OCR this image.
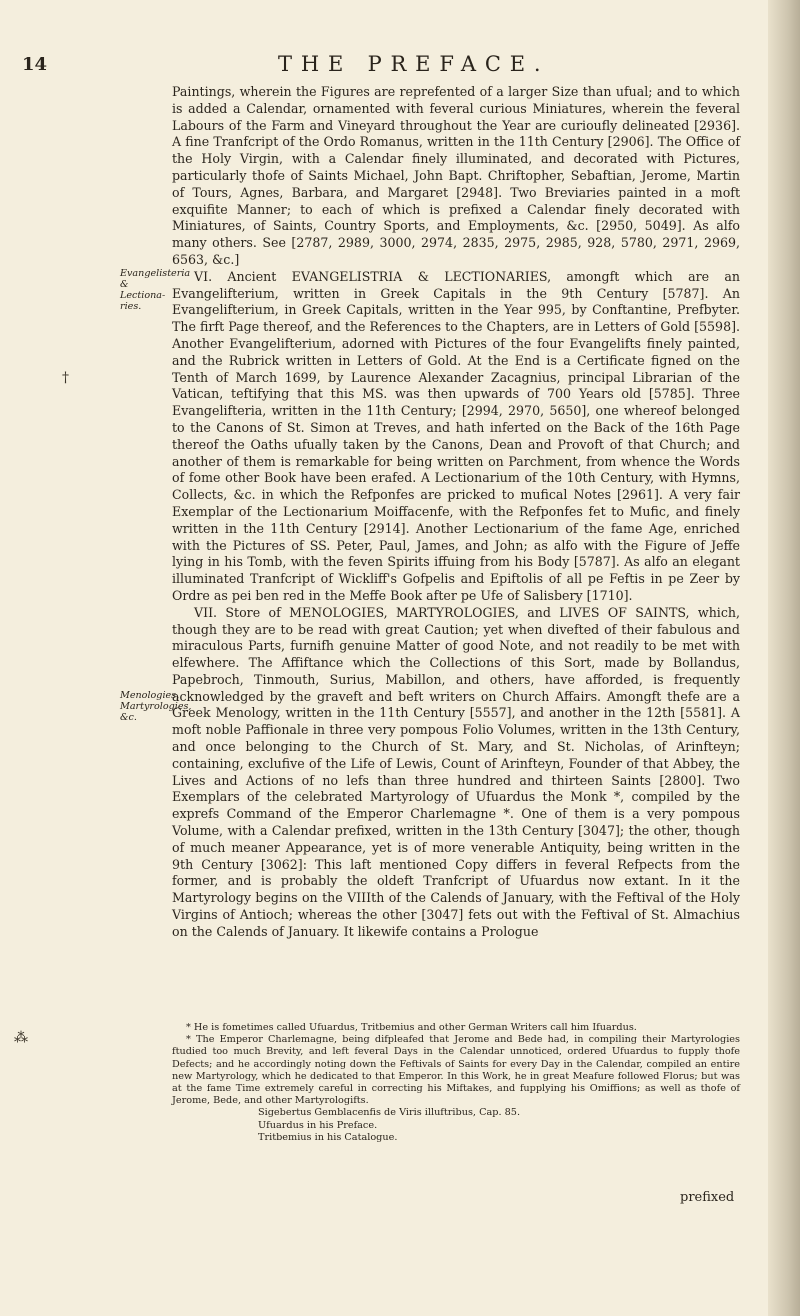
14	THE PREFACE.
Evangelisteria & Lectiona-ries.
Menologies, Martyrologies, &c.
†
⁂

Paintings, wherein the Figures are reprefented of a larger Size than ufual; and to which is added a Calendar, ornamented with feveral curious Miniatures, wherein the feveral Labours of the Farm and Vineyard throughout the Year are curioufly delineated [2936]. A fine Tranfcript of the Ordo Romanus, written in the 11th Century [2906]. The Office of the Holy Virgin, with a Calendar finely illuminated, and decorated with Pictures, particularly thofe of Saints Michael, John Bapt. Chriftopher, Sebaftian, Jerome, Martin of Tours, Agnes, Barbara, and Margaret [2948]. Two Breviaries painted in a moft exquifite Manner; to each of which is prefixed a Calendar finely decorated with Miniatures, of Saints, Country Sports, and Employments, &c. [2950, 5049]. As alfo many others. See [2787, 2989, 3000, 2974, 2835, 2975, 2985, 928, 5780, 2971, 2969, 6563, &c.]

VI. Ancient EVANGELISTRIA & LECTIONARIES, amongft which are an Evangelifterium, written in Greek Capitals in the 9th Century [5787]. An Evangelifterium, in Greek Capitals, written in the Year 995, by Conftantine, Prefbyter. The firft Page thereof, and the References to the Chapters, are in Letters of Gold [5598]. Another Evangelifterium, adorned with Pictures of the four Evangelifts finely painted, and the Rubrick written in Letters of Gold. At the End is a Certificate figned on the Tenth of March 1699, by Laurence Alexander Zacagnius, principal Librarian of the Vatican, teftifying that this MS. was then upwards of 700 Years old [5785]. Three Evangelifteria, written in the 11th Century; [2994, 2970, 5650], one whereof belonged to the Canons of St. Simon at Treves, and hath inferted on the Back of the 16th Page thereof the Oaths ufually taken by the Canons, Dean and Provoft of that Church; and another of them is remarkable for being written on Parchment, from whence the Words of fome other Book have been erafed. A Lectionarium of the 10th Century, with Hymns, Collects, &c. in which the Refponfes are pricked to mufical Notes [2961]. A very fair Exemplar of the Lectionarium Moiffacenfe, with the Refponfes fet to Mufic, and finely written in the 11th Century [2914]. Another Lectionarium of the fame Age, enriched with the Pictures of SS. Peter, Paul, James, and John; as alfo with the Figure of Jeffe lying in his Tomb, with the feven Spirits iffuing from his Body [5787]. As alfo an elegant illuminated Tranfcript of Wickliff's Gofpelis and Epiftolis of all pe Feftis in pe Zeer by Ordre as pei ben red in the Meffe Book after pe Ufe of Salisbery [1710].

VII. Store of MENOLOGIES, MARTYROLOGIES, and LIVES OF SAINTS, which, though they are to be read with great Caution; yet when divefted of their fabulous and miraculous Parts, furnifh genuine Matter of good Note, and not readily to be met with elfewhere. The Affiftance which the Collections of this Sort, made by Bollandus, Papebroch, Tinmouth, Surius, Mabillon, and others, have afforded, is frequently acknowledged by the graveft and beft writers on Church Affairs. Amongft thefe are a Greek Menology, written in the 11th Century [5557], and another in the 12th [5581]. A moft noble Paffionale in three very pompous Folio Volumes, written in the 13th Century, and once belonging to the Church of St. Mary, and St. Nicholas, of Arinfteyn; containing, exclufive of the Life of Lewis, Count of Arinfteyn, Founder of that Abbey, the Lives and Actions of no lefs than three hundred and thirteen Saints [2800]. Two Exemplars of the celebrated Martyrology of Ufuardus the Monk *, compiled by the exprefs Command of the Emperor Charlemagne *. One of them is a very pompous Volume, with a Calendar prefixed, written in the 13th Century [3047]; the other, though of much meaner Appearance, yet is of more venerable Antiquity, being written in the 9th Century [3062]: This laft mentioned Copy differs in feveral Refpects from the former, and is probably the oldeft Tranfcript of Ufuardus now extant. In it the Martyrology begins on the VIIIth of the Calends of January, with the Feftival of the Holy Virgins of Antioch; whereas the other [3047] fets out with the Feftival of St. Almachius on the Calends of January. It likewife contains a Prologue

* He is fometimes called Ufuardus, Tritbemius and other German Writers call him Ifuardus.

* The Emperor Charlemagne, being difpleafed that Jerome and Bede had, in compiling their Martyrologies ftudied too much Brevity, and left feveral Days in the Calendar unnoticed, ordered Ufuardus to fupply thofe Defects; and he accordingly noting down the Feftivals of Saints for every Day in the Calendar, compiled an entire new Martyrology, which he dedicated to that Emperor. In this Work, he in great Meafure followed Florus; but was at the fame Time extremely careful in correcting his Miftakes, and fupplying his Omiffions; as well as thofe of Jerome, Bede, and other Martyrologifts.

Sigebertus Gemblacenfis de Viris illuftribus, Cap. 85.

Ufuardus in his Preface.

Tritbemius in his Catalogue.

prefixed
